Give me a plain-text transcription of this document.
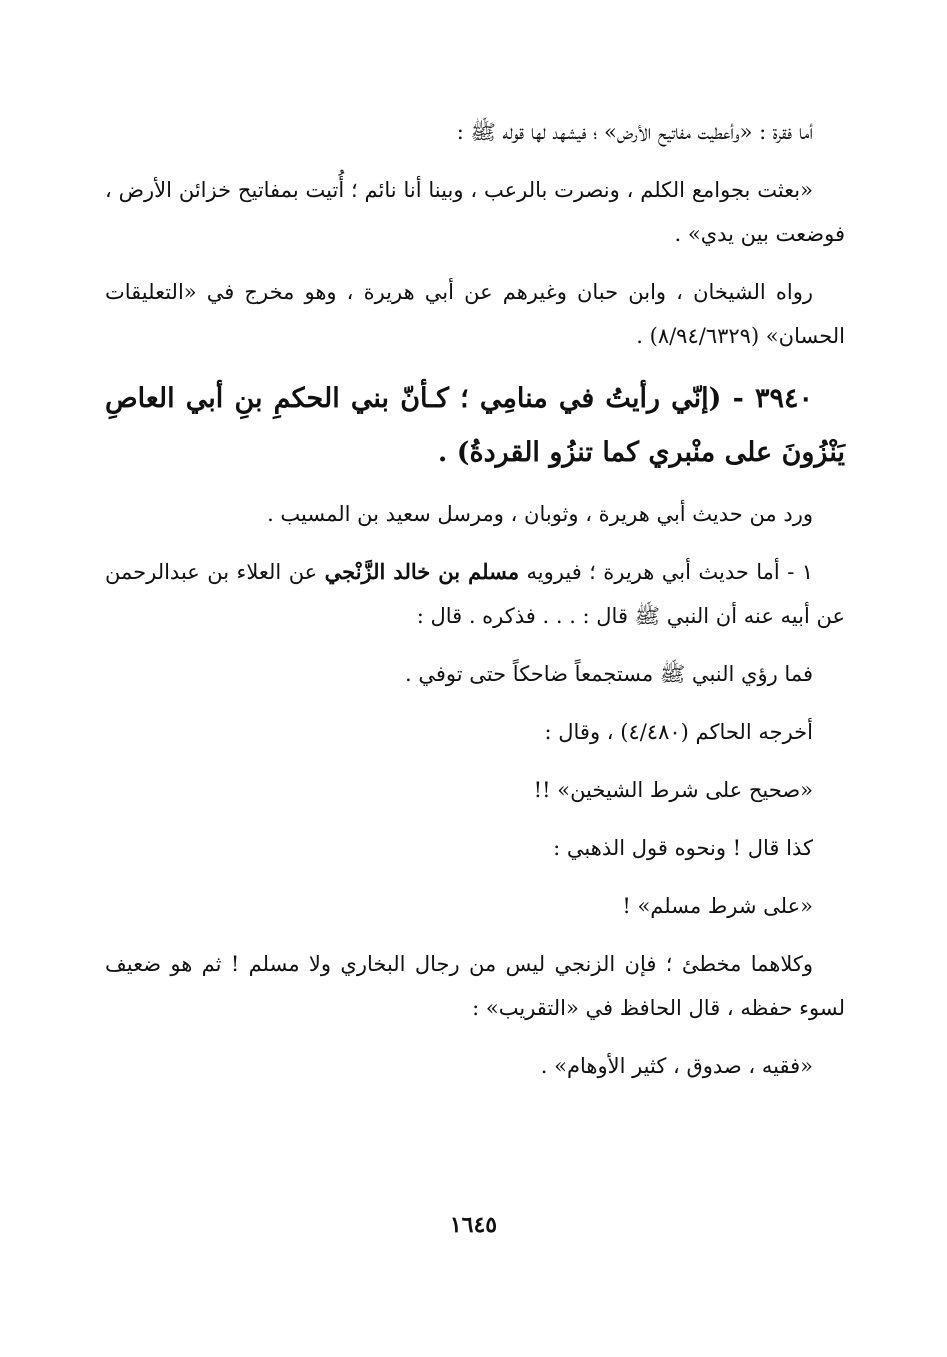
أما فقرة : «وأعطيت مفاتيح الأرض» ؛ فيشهد لها قوله ﷺ :

«بعثت بجوامع الكلم ، ونصرت بالرعب ، وبينا أنا نائم ؛ أُتيت بمفاتيح خزائن الأرض ، فوضعت بين يدي» .

رواه الشيخان ، وابن حبان وغيرهم عن أبي هريرة ، وهو مخرج في «التعليقات الحسان» (٨/٩٤/٦٣٢٩) .

٣٩٤٠ - (إنّي رأيتُ في منامِي ؛ كـأنّ بني الحكمِ بنِ أبي العاصِ يَنْزُونَ على منْبري كما تنزُو القردةُ) .

ورد من حديث أبي هريرة ، وثوبان ، ومرسل سعيد بن المسيب .

١ - أما حديث أبي هريرة ؛ فيرويه مسلم بن خالد الزَّنْجي عن العلاء بن عبدالرحمن عن أبيه عنه أن النبي ﷺ قال : . . . فذكره . قال :

فما رؤي النبي ﷺ مستجمعاً ضاحكاً حتى توفي .

أخرجه الحاكم (٤/٤٨٠) ، وقال :

«صحيح على شرط الشيخين» !!

كذا قال ! ونحوه قول الذهبي :

«على شرط مسلم» !

وكلاهما مخطئ ؛ فإن الزنجي ليس من رجال البخاري ولا مسلم ! ثم هو ضعيف لسوء حفظه ، قال الحافظ في «التقريب» :

«فقيه ، صدوق ، كثير الأوهام» .

١٦٤٥
